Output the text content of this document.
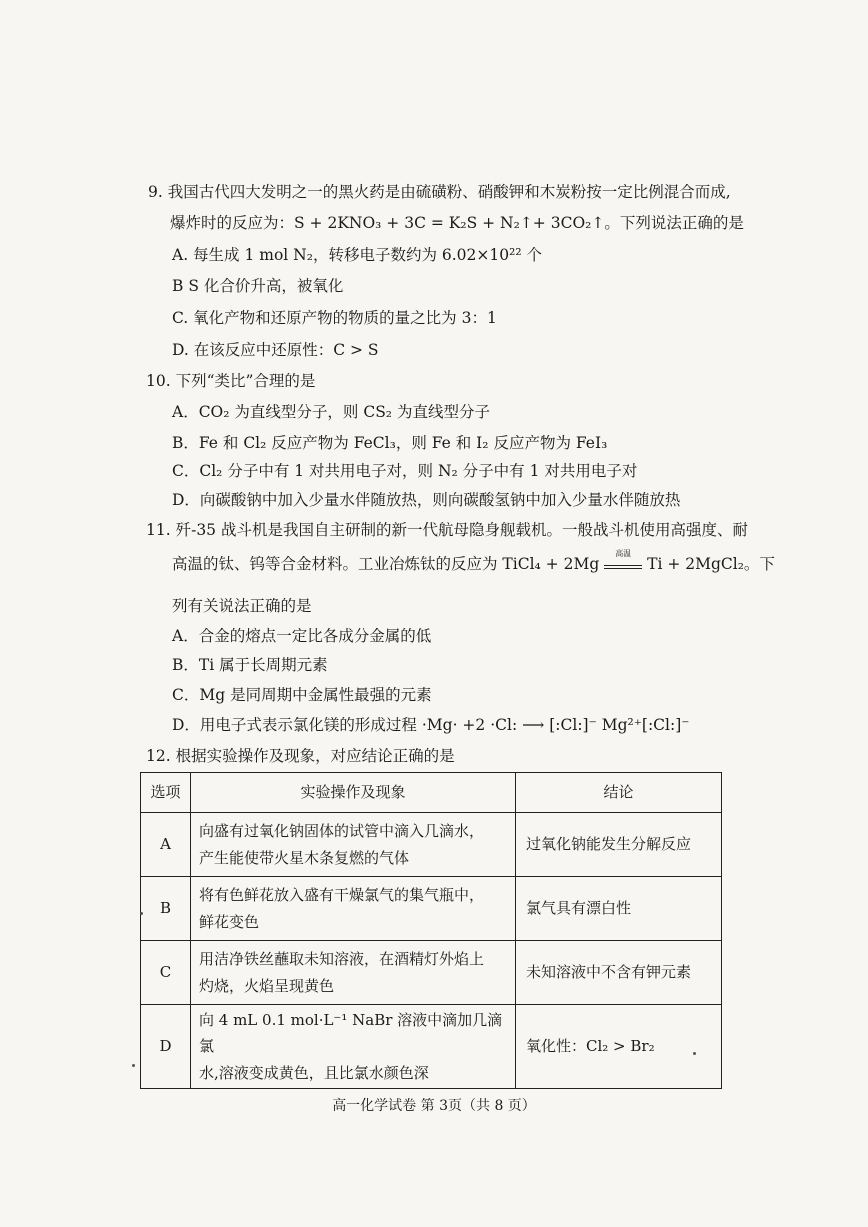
9. 我国古代四大发明之一的黑火药是由硫磺粉、硝酸钾和木炭粉按一定比例混合而成,
爆炸时的反应为：S + 2KNO₃ + 3C = K₂S + N₂↑+ 3CO₂↑。下列说法正确的是
A. 每生成 1 mol N₂，转移电子数约为 6.02×10²² 个
B S 化合价升高，被氧化
C. 氧化产物和还原产物的物质的量之比为 3：1
D. 在该反应中还原性：C > S
10. 下列“类比”合理的是
A．CO₂ 为直线型分子，则 CS₂ 为直线型分子
B．Fe 和 Cl₂ 反应产物为 FeCl₃，则 Fe 和 I₂ 反应产物为 FeI₃
C．Cl₂ 分子中有 1 对共用电子对，则 N₂ 分子中有 1 对共用电子对
D．向碳酸钠中加入少量水伴随放热，则向碳酸氢钠中加入少量水伴随放热
11. 歼-35 战斗机是我国自主研制的新一代航母隐身舰载机。一般战斗机使用高强度、耐
高温的钛、钨等合金材料。工业冶炼钛的反应为 TiCl₄ + 2Mg
高温
Ti + 2MgCl₂。下
列有关说法正确的是
A．合金的熔点一定比各成分金属的低
B．Ti 属于长周期元素
C．Mg 是同周期中金属性最强的元素
D．用电子式表示氯化镁的形成过程 ·Mg· +2 ·Cl: ⟶ [:Cl:]⁻ Mg²⁺[:Cl:]⁻
12. 根据实验操作及现象，对应结论正确的是
选项	实验操作及现象	结论
A	向盛有过氧化钠固体的试管中滴入几滴水，
产生能使带火星木条复燃的气体	过氧化钠能发生分解反应
B	将有色鲜花放入盛有干燥氯气的集气瓶中，
鲜花变色	氯气具有漂白性
C	用洁净铁丝蘸取未知溶液，在酒精灯外焰上
灼烧，火焰呈现黄色	未知溶液中不含有钾元素
D	向 4 mL 0.1 mol·L⁻¹ NaBr 溶液中滴加几滴氯
水,溶液变成黄色，且比氯水颜色深	氧化性：Cl₂ > Br₂
高一化学试卷 第 3页（共 8 页）
